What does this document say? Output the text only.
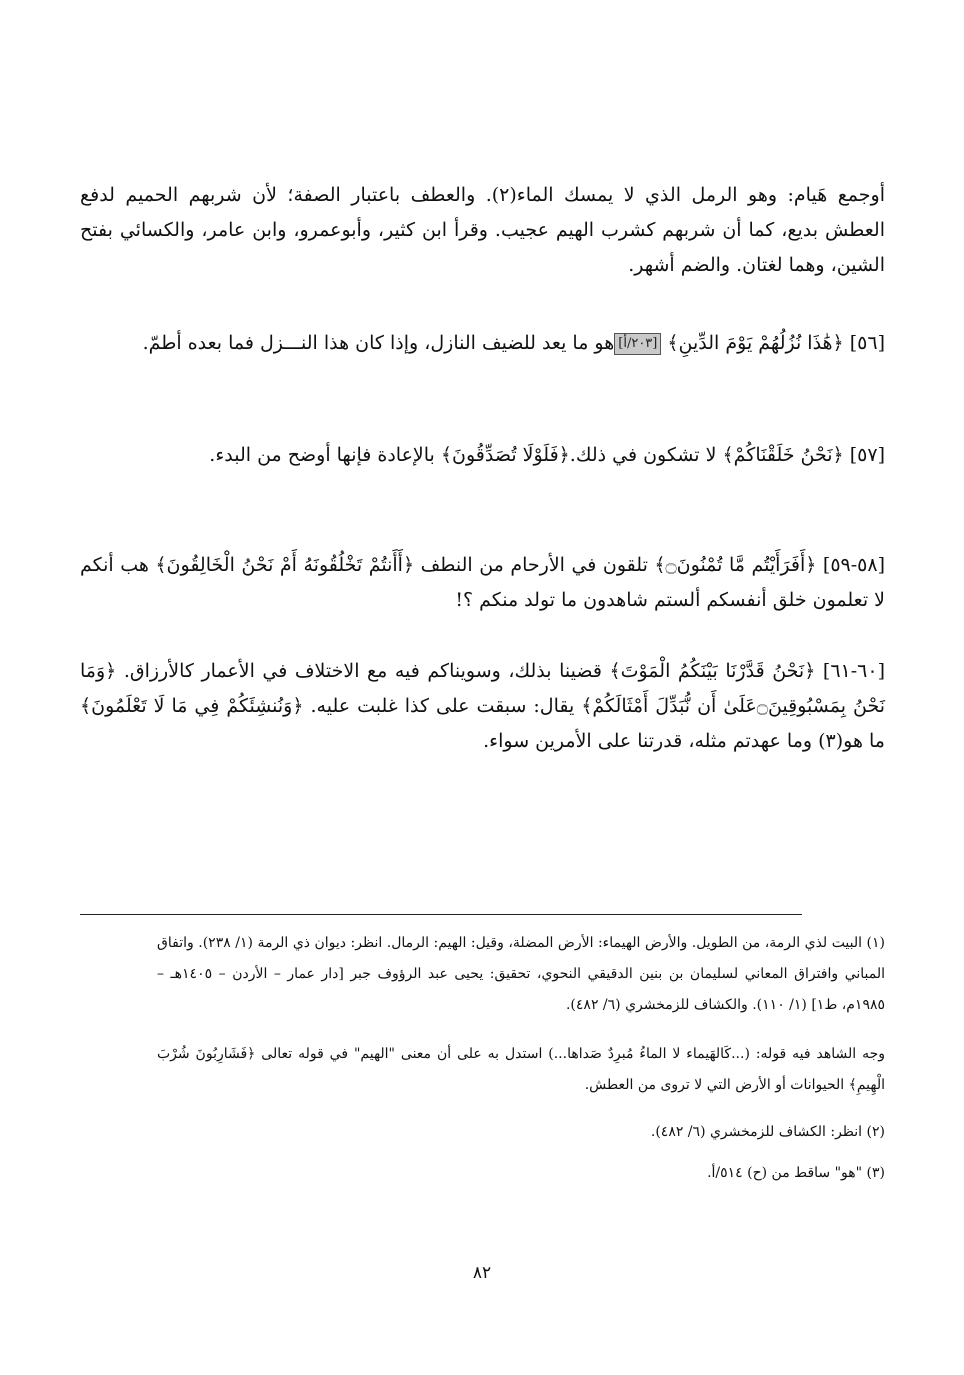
أوجمع هَيام: وهو الرمل الذي لا يمسك الماء(٢). والعطف باعتبار الصفة؛ لأن شربهم الحميم لدفع العطش بديع، كما أن شربهم كشرب الهيم عجيب. وقرأ ابن كثير، وأبوعمرو، وابن عامر، والكسائي بفتح الشين، وهما لغتان. والضم أشهر.

[٥٦] ﴿هَٰذَا نُزُلُهُمْ يَوْمَ الدِّينِ﴾ [٢٠٣/أ]هو ما يعد للضيف النازل، وإذا كان هذا النـــزل فما بعده أطمّ.

[٥٧] ﴿نَحْنُ خَلَقْنَاكُمْ﴾ لا تشكون في ذلك.﴿فَلَوْلَا تُصَدِّقُونَ﴾ بالإعادة فإنها أوضح من البدء.

[٥٨-٥٩] ﴿أَفَرَأَيْتُم مَّا تُمْنُونَ۝﴾ تلقون في الأرحام من النطف ﴿أَأَنتُمْ تَخْلُقُونَهُ أَمْ نَحْنُ الْخَالِقُونَ﴾ هب أنكم لا تعلمون خلق أنفسكم ألستم شاهدون ما تولد منكم ؟!

[٦٠-٦١] ﴿نَحْنُ قَدَّرْنَا بَيْنَكُمُ الْمَوْتَ﴾ قضينا بذلك، وسويناكم فيه مع الاختلاف في الأعمار كالأرزاق. ﴿وَمَا نَحْنُ بِمَسْبُوقِينَ۝عَلَىٰ أَن نُّبَدِّلَ أَمْثَالَكُمْ﴾ يقال: سبقت على كذا غلبت عليه. ﴿وَنُنشِئَكُمْ فِي مَا لَا تَعْلَمُونَ﴾ ما هو(٣) وما عهدتم مثله، قدرتنا على الأمرين سواء.

(١) البيت لذي الرمة، من الطويل. والأرض الهيماء: الأرض المضلة، وقيل: الهيم: الرمال. انظر: ديوان ذي الرمة (١/ ٢٣٨). واتفاق المباني وافتراق المعاني لسليمان بن بنين الدقيقي النحوي، تحقيق: يحيى عبد الرؤوف جبر [دار عمار – الأردن – ١٤٠٥هـ – ١٩٨٥م، ط١] (١/ ١١٠). والكشاف للزمخشري (٦/ ٤٨٢).

وجه الشاهد فيه قوله: (...كَالهَيماء لا الماءُ مُبرِدٌ صَداها...) استدل به على أن معنى "الهيم" في قوله تعالى ﴿فَشَارِبُونَ شُرْبَ الْهِيمِ﴾ الحيوانات أو الأرض التي لا تروى من العطش.

(٢) انظر: الكشاف للزمخشري (٦/ ٤٨٢).

(٣) "هو" ساقط من (ح) ٥١٤/أ.

٨٢
